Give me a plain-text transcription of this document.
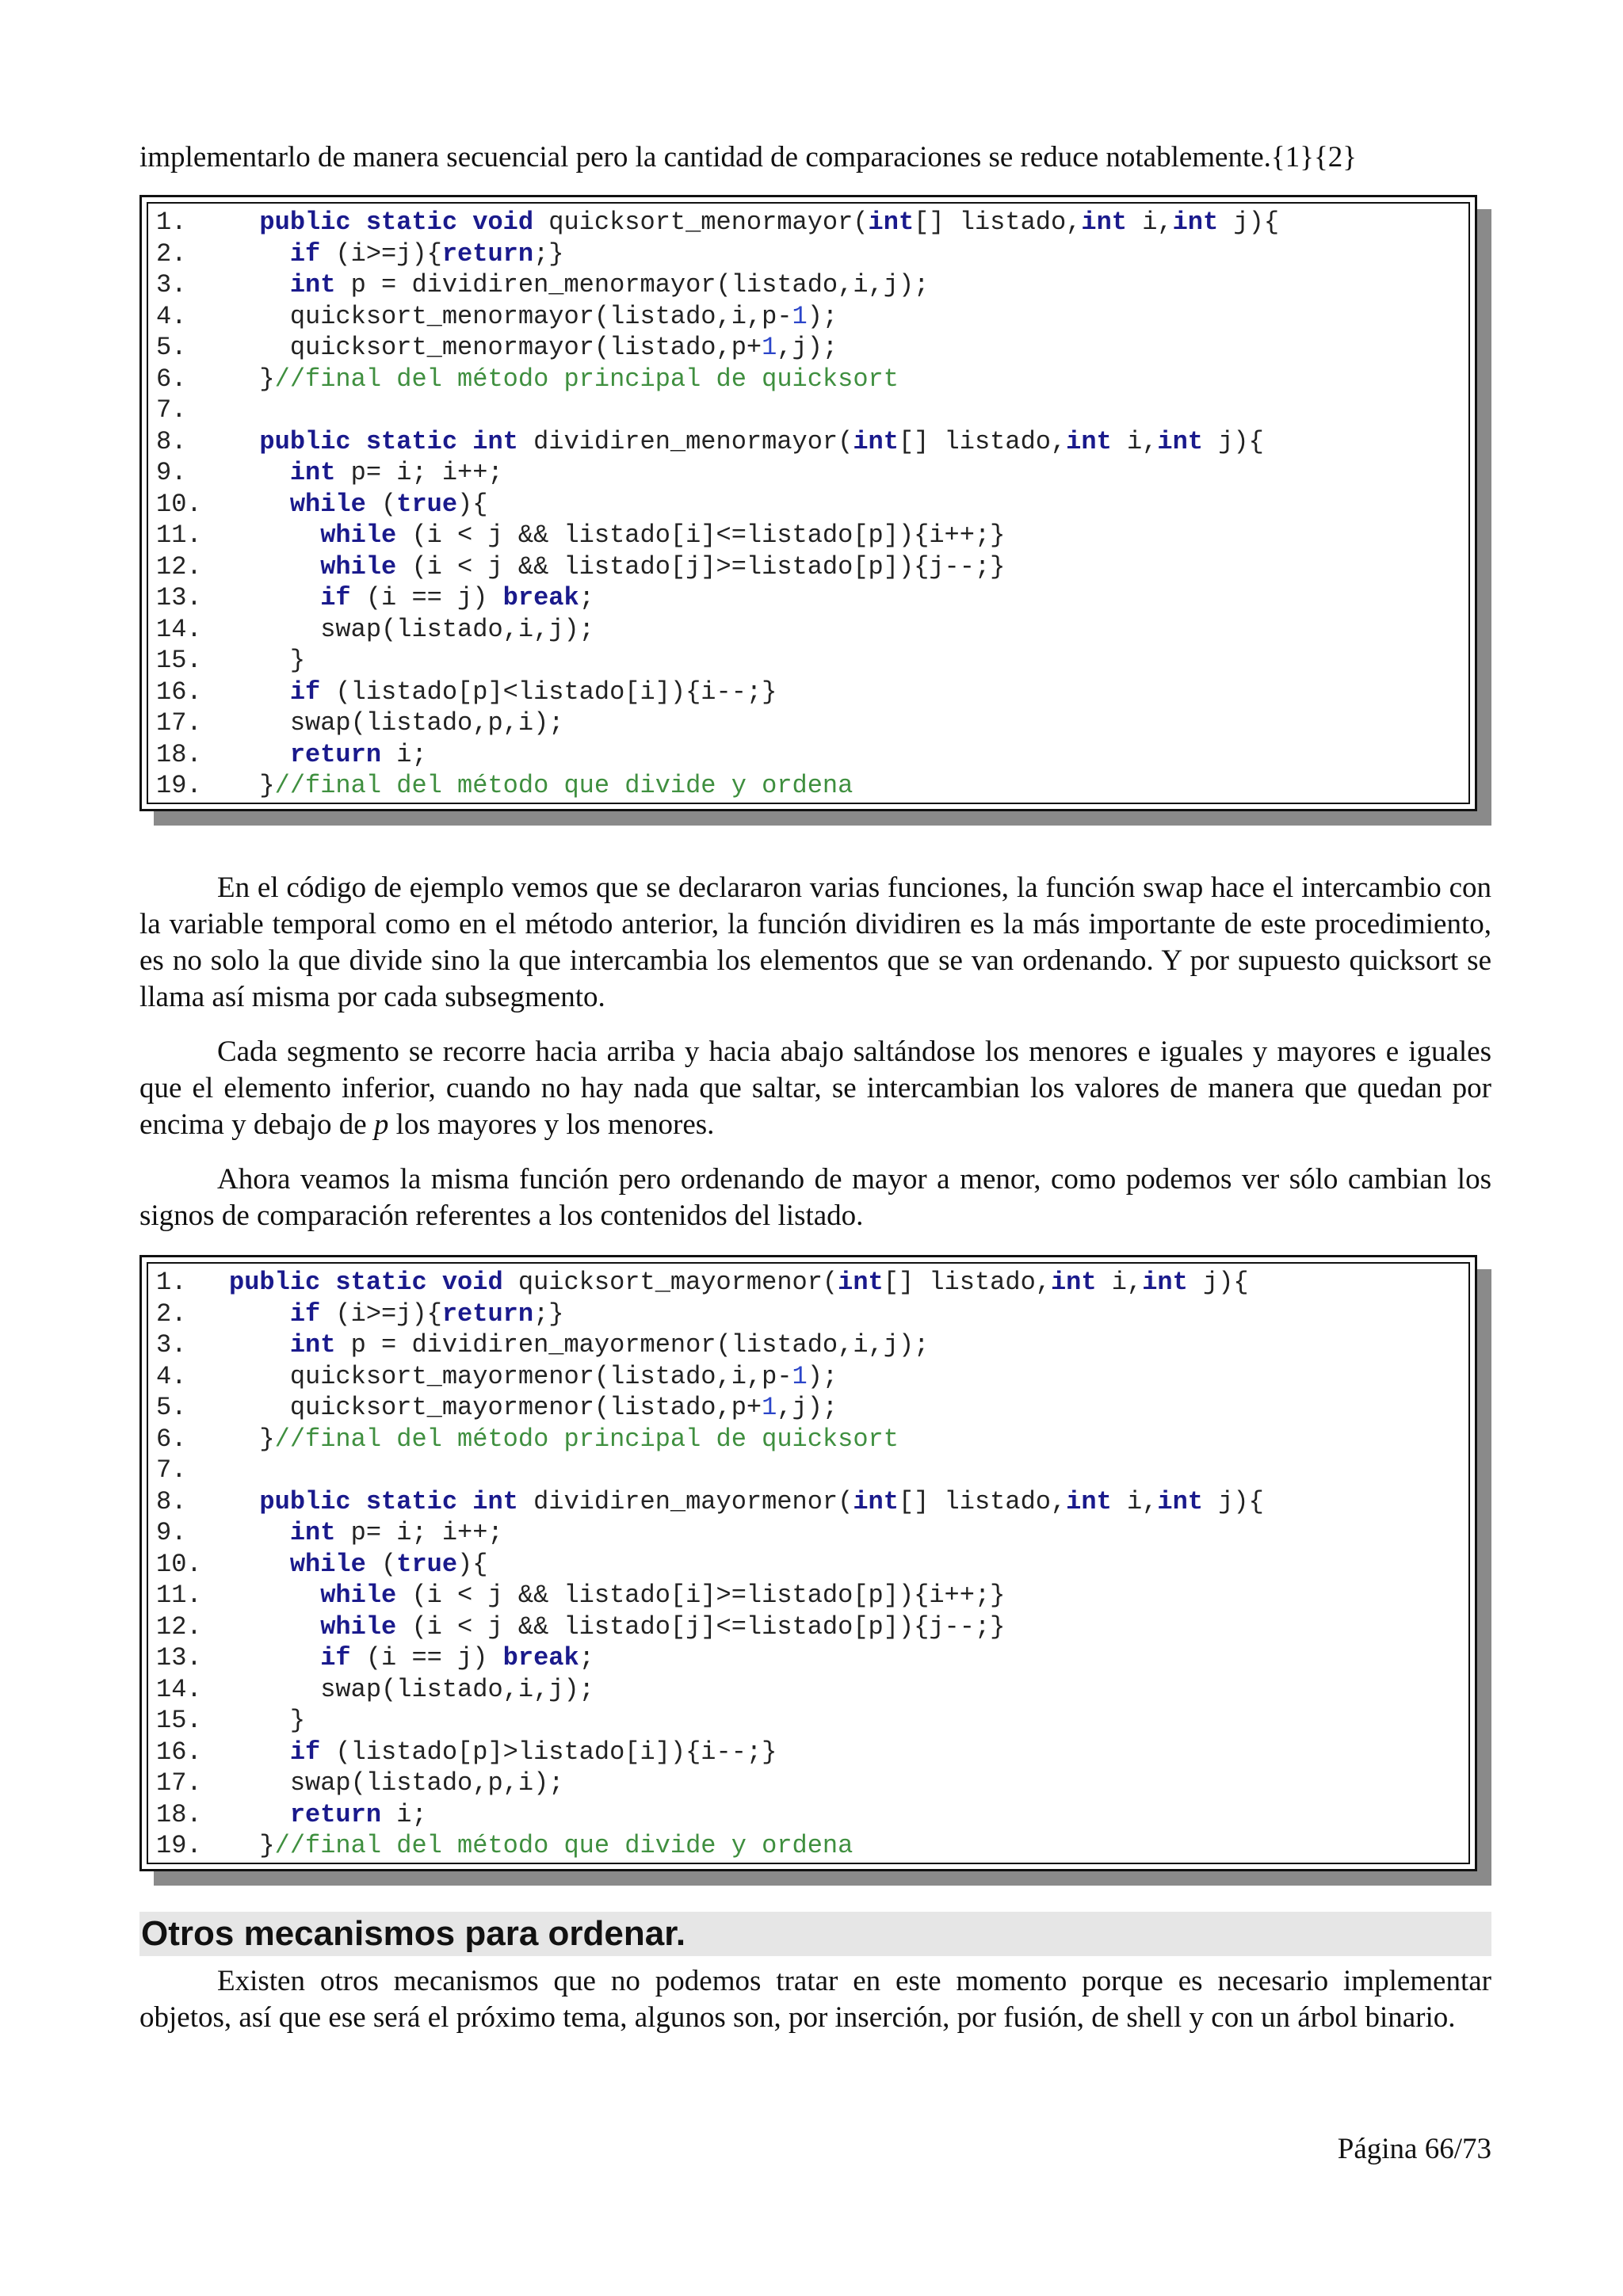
implementarlo de manera secuencial pero la cantidad de comparaciones se reduce notablemente.{1}{2}

1.    public static void quicksort_menormayor(int[] listado,int i,int j){
2.	if (i>=j){return;}
3.	int p = dividiren_menormayor(listado,i,j);
4.      quicksort_menormayor(listado,i,p-1);
5.      quicksort_menormayor(listado,p+1,j);
6.    }//final del método principal de quicksort
7.
8.    public static int dividiren_menormayor(int[] listado,int i,int j){
9.	int p= i; i++;
10.	while (true){
11.	while (i < j && listado[i]<=listado[p]){i++;}
12.	while (i < j && listado[j]>=listado[p]){j--;}
13.	if (i == j) break;
14.       swap(listado,i,j);
15.     }
16.	if (listado[p]<listado[i]){i--;}
17.     swap(listado,p,i);
18.	return i;
19.   }//final del método que divide y ordena

En el código de ejemplo vemos que se declararon varias funciones, la función swap hace el intercambio con la variable temporal como en el método anterior, la función dividiren es la más importante de este procedimiento, es no solo la que divide sino la que intercambia los elementos que se van ordenando. Y por supuesto quicksort se llama así misma por cada subsegmento.

Cada segmento se recorre hacia arriba y hacia abajo saltándose los menores e iguales y mayores e iguales que el elemento inferior, cuando no hay nada que saltar, se intercambian los valores de manera que quedan por encima y debajo de p los mayores y los menores.

Ahora veamos la misma función pero ordenando de mayor a menor, como podemos ver sólo cambian los signos de comparación referentes a los contenidos del listado.

1. public static void quicksort_mayormenor(int[] listado,int i,int j){
2.	if (i>=j){return;}
3.	int p = dividiren_mayormenor(listado,i,j);
4.      quicksort_mayormenor(listado,i,p-1);
5.      quicksort_mayormenor(listado,p+1,j);
6.    }//final del método principal de quicksort
7.
8.    public static int dividiren_mayormenor(int[] listado,int i,int j){
9.	int p= i; i++;
10.	while (true){
11.	while (i < j && listado[i]>=listado[p]){i++;}
12.	while (i < j && listado[j]<=listado[p]){j--;}
13.	if (i == j) break;
14.       swap(listado,i,j);
15.     }
16.	if (listado[p]>listado[i]){i--;}
17.     swap(listado,p,i);
18.	return i;
19.   }//final del método que divide y ordena
Otros mecanismos para ordenar.

Existen otros mecanismos que no podemos tratar en este momento porque es necesario implementar objetos, así que ese será el próximo tema, algunos son, por inserción, por fusión, de shell y con un árbol binario.

Página 66/73
